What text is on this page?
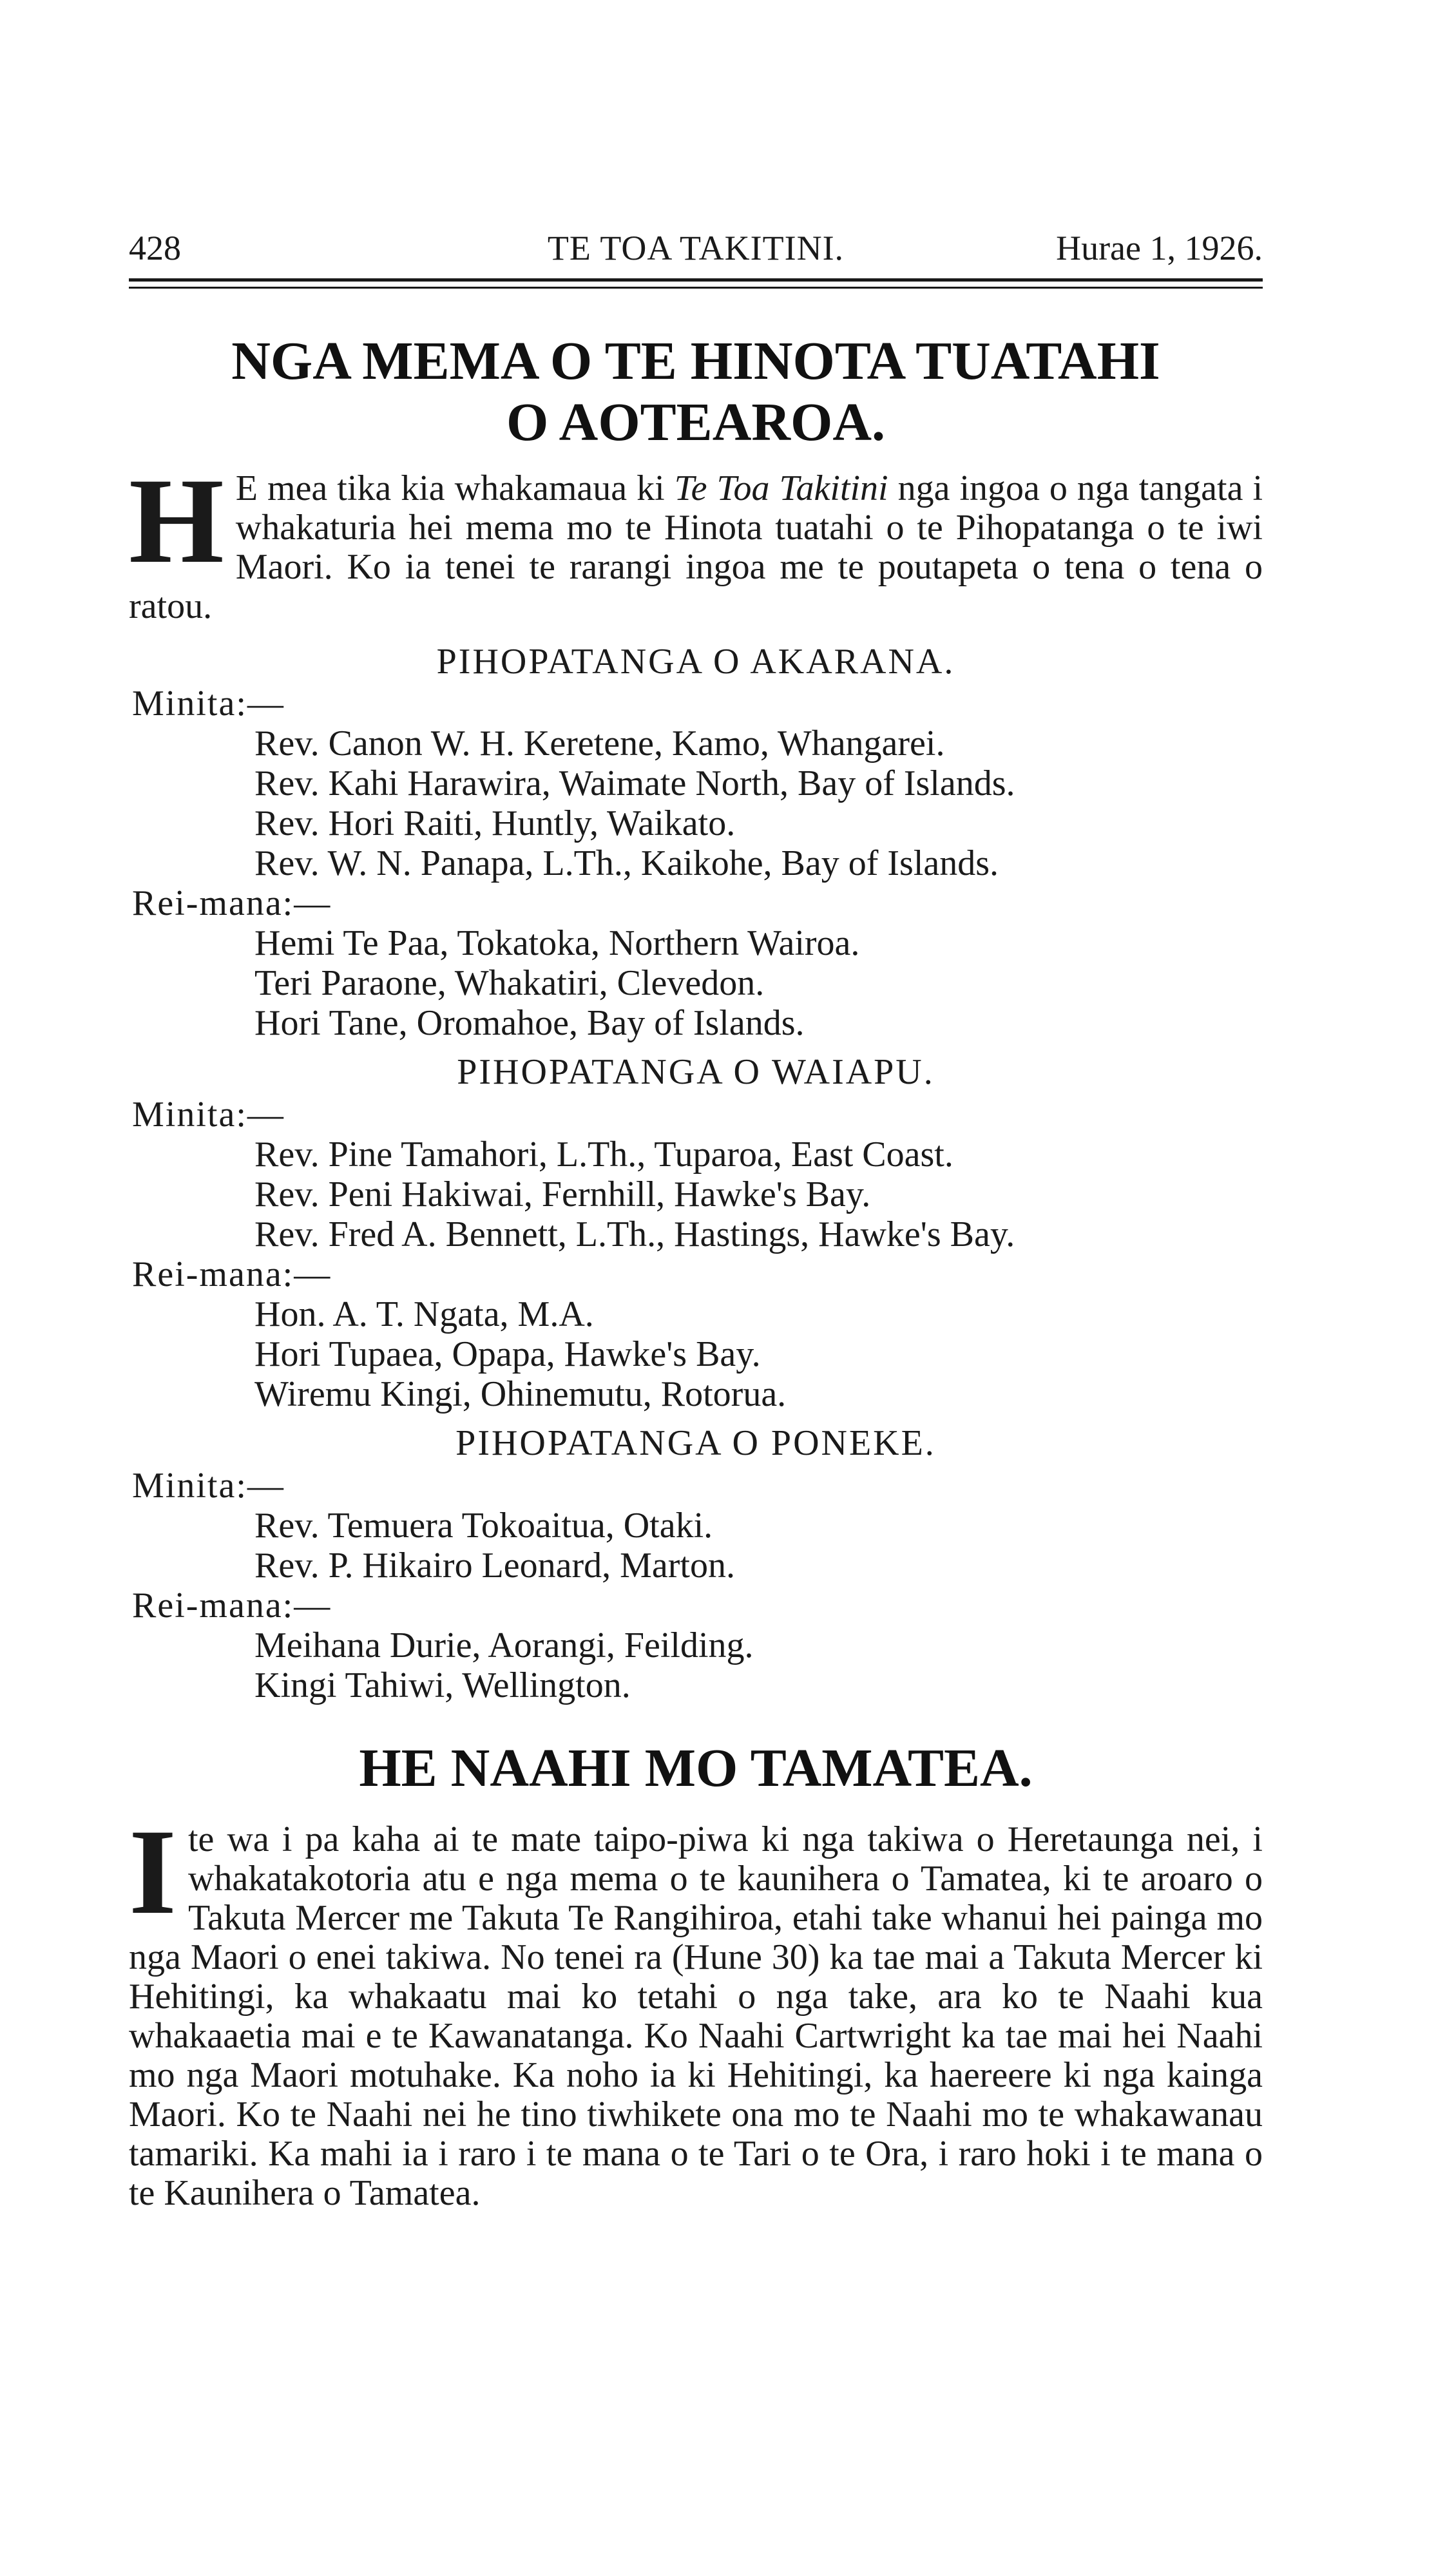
428	TE TOA TAKITINI.	Hurae 1, 1926.
NGA MEMA O TE HINOTA TUATAHI
O AOTEAROA.

H E mea tika kia whakamaua ki Te Toa Takitini nga ingoa o nga tangata i whakaturia hei mema mo te Hinota tuatahi o te Pihopatanga o te iwi Maori. Ko ia tenei te rarangi ingoa me te poutapeta o tena o tena o ratou.

PIHOPATANGA O AKARANA.
Minita:—
Rev. Canon W. H. Keretene, Kamo, Whangarei.
Rev. Kahi Harawira, Waimate North, Bay of Islands.
Rev. Hori Raiti, Huntly, Waikato.
Rev. W. N. Panapa, L.Th., Kaikohe, Bay of Islands.
Rei-mana:—
Hemi Te Paa, Tokatoka, Northern Wairoa.
Teri Paraone, Whakatiri, Clevedon.
Hori Tane, Oromahoe, Bay of Islands.
PIHOPATANGA O WAIAPU.
Minita:—
Rev. Pine Tamahori, L.Th., Tuparoa, East Coast.
Rev. Peni Hakiwai, Fernhill, Hawke's Bay.
Rev. Fred A. Bennett, L.Th., Hastings, Hawke's Bay.
Rei-mana:—
Hon. A. T. Ngata, M.A.
Hori Tupaea, Opapa, Hawke's Bay.
Wiremu Kingi, Ohinemutu, Rotorua.
PIHOPATANGA O PONEKE.
Minita:—
Rev. Temuera Tokoaitua, Otaki.
Rev. P. Hikairo Leonard, Marton.
Rei-mana:—
Meihana Durie, Aorangi, Feilding.
Kingi Tahiwi, Wellington.
HE NAAHI MO TAMATEA.

Ite wa i pa kaha ai te mate taipo-piwa ki nga takiwa o Heretaunga nei, i whakatakotoria atu e nga mema o te kaunihera o Tamatea, ki te aroaro o Takuta Mercer me Takuta Te Rangihiroa, etahi take whanui hei painga mo nga Maori o enei takiwa. No tenei ra (Hune 30) ka tae mai a Takuta Mercer ki Hehitingi, ka whakaatu mai ko tetahi o nga take, ara ko te Naahi kua whakaaetia mai e te Kawanatanga. Ko Naahi Cartwright ka tae mai hei Naahi mo nga Maori motuhake. Ka noho ia ki Hehitingi, ka haereere ki nga kainga Maori. Ko te Naahi nei he tino tiwhikete ona mo te Naahi mo te whakawanau tamariki. Ka mahi ia i raro i te mana o te Tari o te Ora, i raro hoki i te mana o te Kaunihera o Tamatea.
